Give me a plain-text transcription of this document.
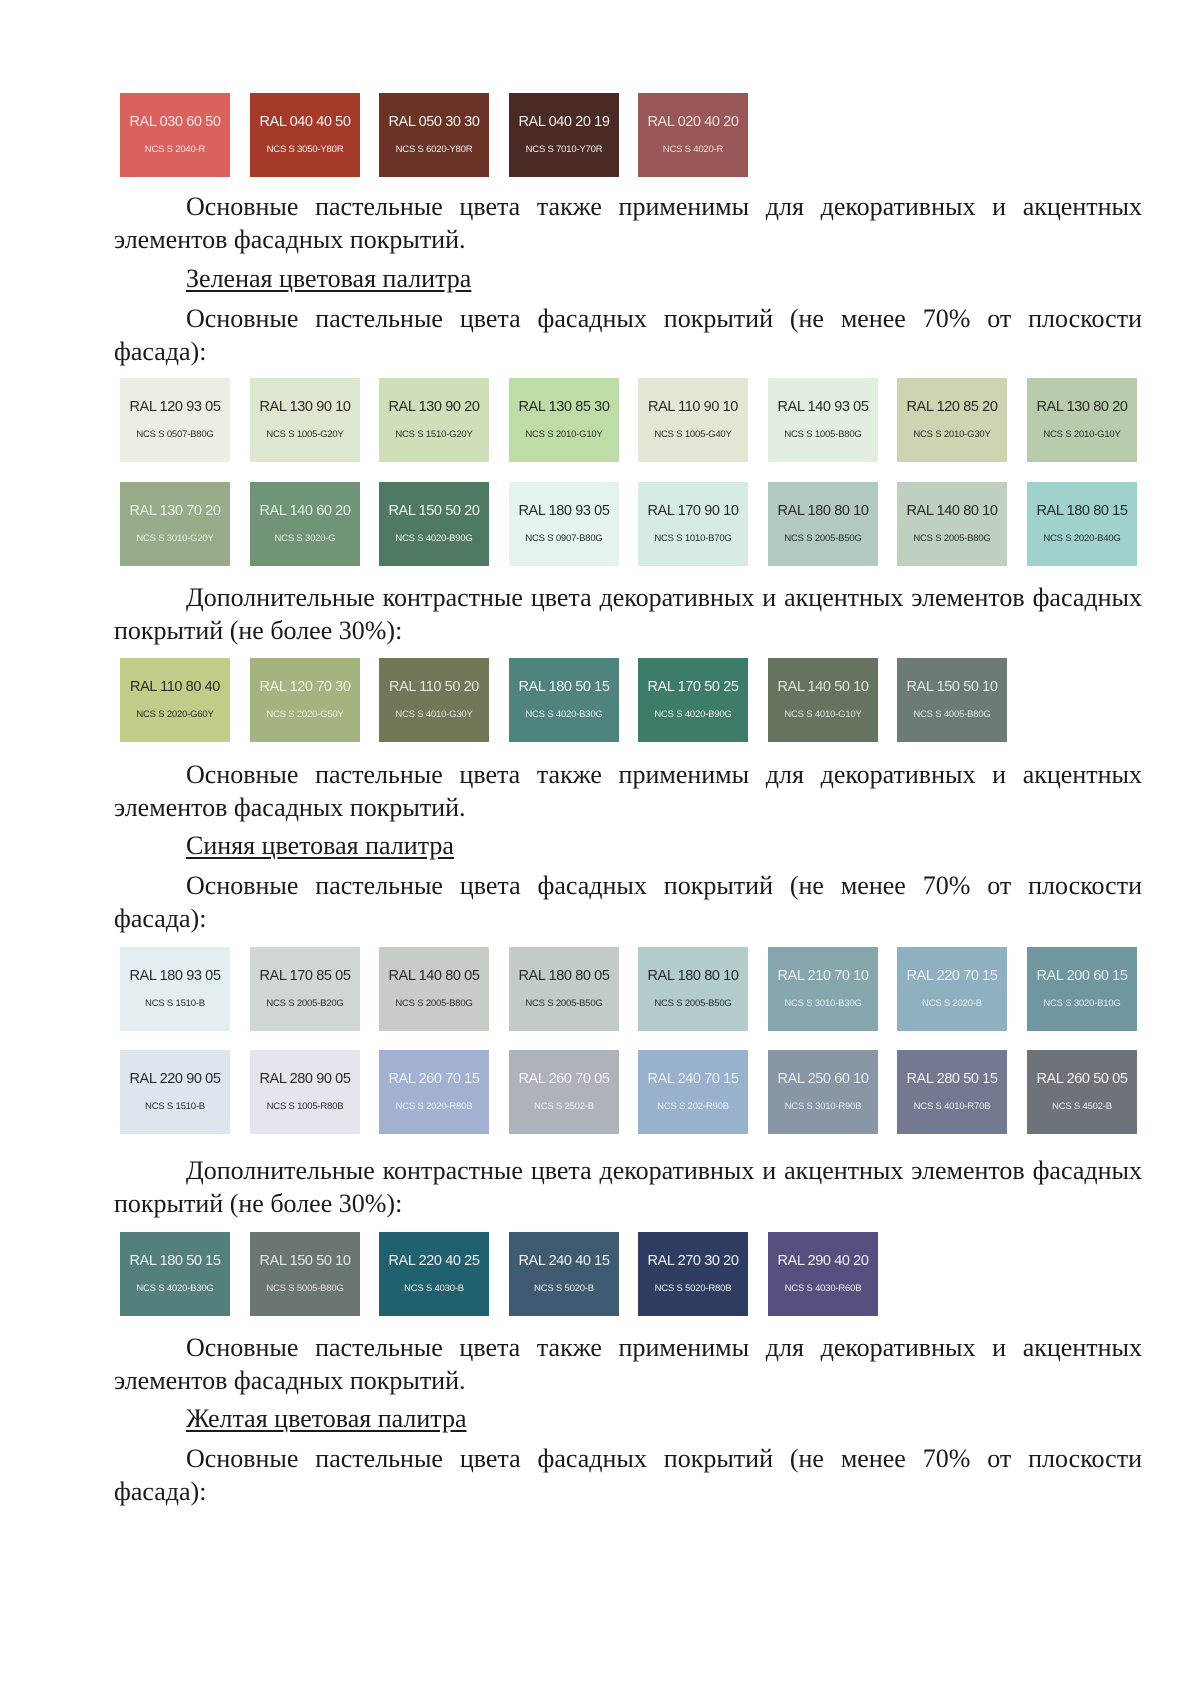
RAL 030 60 50
NCS S 2040-R
RAL 040 40 50
NCS S 3050-Y80R
RAL 050 30 30
NCS S 6020-Y80R
RAL 040 20 19
NCS S 7010-Y70R
RAL 020 40 20
NCS S 4020-R

Основные пастельные цвета также применимы для декоративных и акцентных элементов фасадных покрытий.

Зеленая цветовая палитра

Основные пастельные цвета фасадных покрытий (не менее 70% от плоскости фасада):

RAL 120 93 05
NCS S 0507-B80G
RAL 130 90 10
NCS S 1005-G20Y
RAL 130 90 20
NCS S 1510-G20Y
RAL 130 85 30
NCS S 2010-G10Y
RAL 110 90 10
NCS S 1005-G40Y
RAL 140 93 05
NCS S 1005-B80G
RAL 120 85 20
NCS S 2010-G30Y
RAL 130 80 20
NCS S 2010-G10Y
RAL 130 70 20
NCS S 3010-G20Y
RAL 140 60 20
NCS S 3020-G
RAL 150 50 20
NCS S 4020-B90G
RAL 180 93 05
NCS S 0907-B80G
RAL 170 90 10
NCS S 1010-B70G
RAL 180 80 10
NCS S 2005-B50G
RAL 140 80 10
NCS S 2005-B80G
RAL 180 80 15
NCS S 2020-B40G

Дополнительные контрастные цвета декоративных и акцентных элементов фасадных покрытий (не более 30%):

RAL 110 80 40
NCS S 2020-G60Y
RAL 120 70 30
NCS S 2020-G50Y
RAL 110 50 20
NCS S 4010-G30Y
RAL 180 50 15
NCS S 4020-B30G
RAL 170 50 25
NCS S 4020-B90G
RAL 140 50 10
NCS S 4010-G10Y
RAL 150 50 10
NCS S 4005-B80G

Основные пастельные цвета также применимы для декоративных и акцентных элементов фасадных покрытий.

Синяя цветовая палитра

Основные пастельные цвета фасадных покрытий (не менее 70% от плоскости фасада):

RAL 180 93 05
NCS S 1510-B
RAL 170 85 05
NCS S 2005-B20G
RAL 140 80 05
NCS S 2005-B80G
RAL 180 80 05
NCS S 2005-B50G
RAL 180 80 10
NCS S 2005-B50G
RAL 210 70 10
NCS S 3010-B30G
RAL 220 70 15
NCS S 2020-B
RAL 200 60 15
NCS S 3020-B10G
RAL 220 90 05
NCS S 1510-B
RAL 280 90 05
NCS S 1005-R80B
RAL 260 70 15
NCS S 2020-R80B
RAL 260 70 05
NCS S 2502-B
RAL 240 70 15
NCS S 202-R90B
RAL 250 60 10
NCS S 3010-R90B
RAL 280 50 15
NCS S 4010-R70B
RAL 260 50 05
NCS S 4502-B

Дополнительные контрастные цвета декоративных и акцентных элементов фасадных покрытий (не более 30%):

RAL 180 50 15
NCS S 4020-B30G
RAL 150 50 10
NCS S 5005-B80G
RAL 220 40 25
NCS S 4030-B
RAL 240 40 15
NCS S 5020-B
RAL 270 30 20
NCS S 5020-R80B
RAL 290 40 20
NCS S 4030-R60B

Основные пастельные цвета также применимы для декоративных и акцентных элементов фасадных покрытий.

Желтая цветовая палитра

Основные пастельные цвета фасадных покрытий (не менее 70% от плоскости фасада):
